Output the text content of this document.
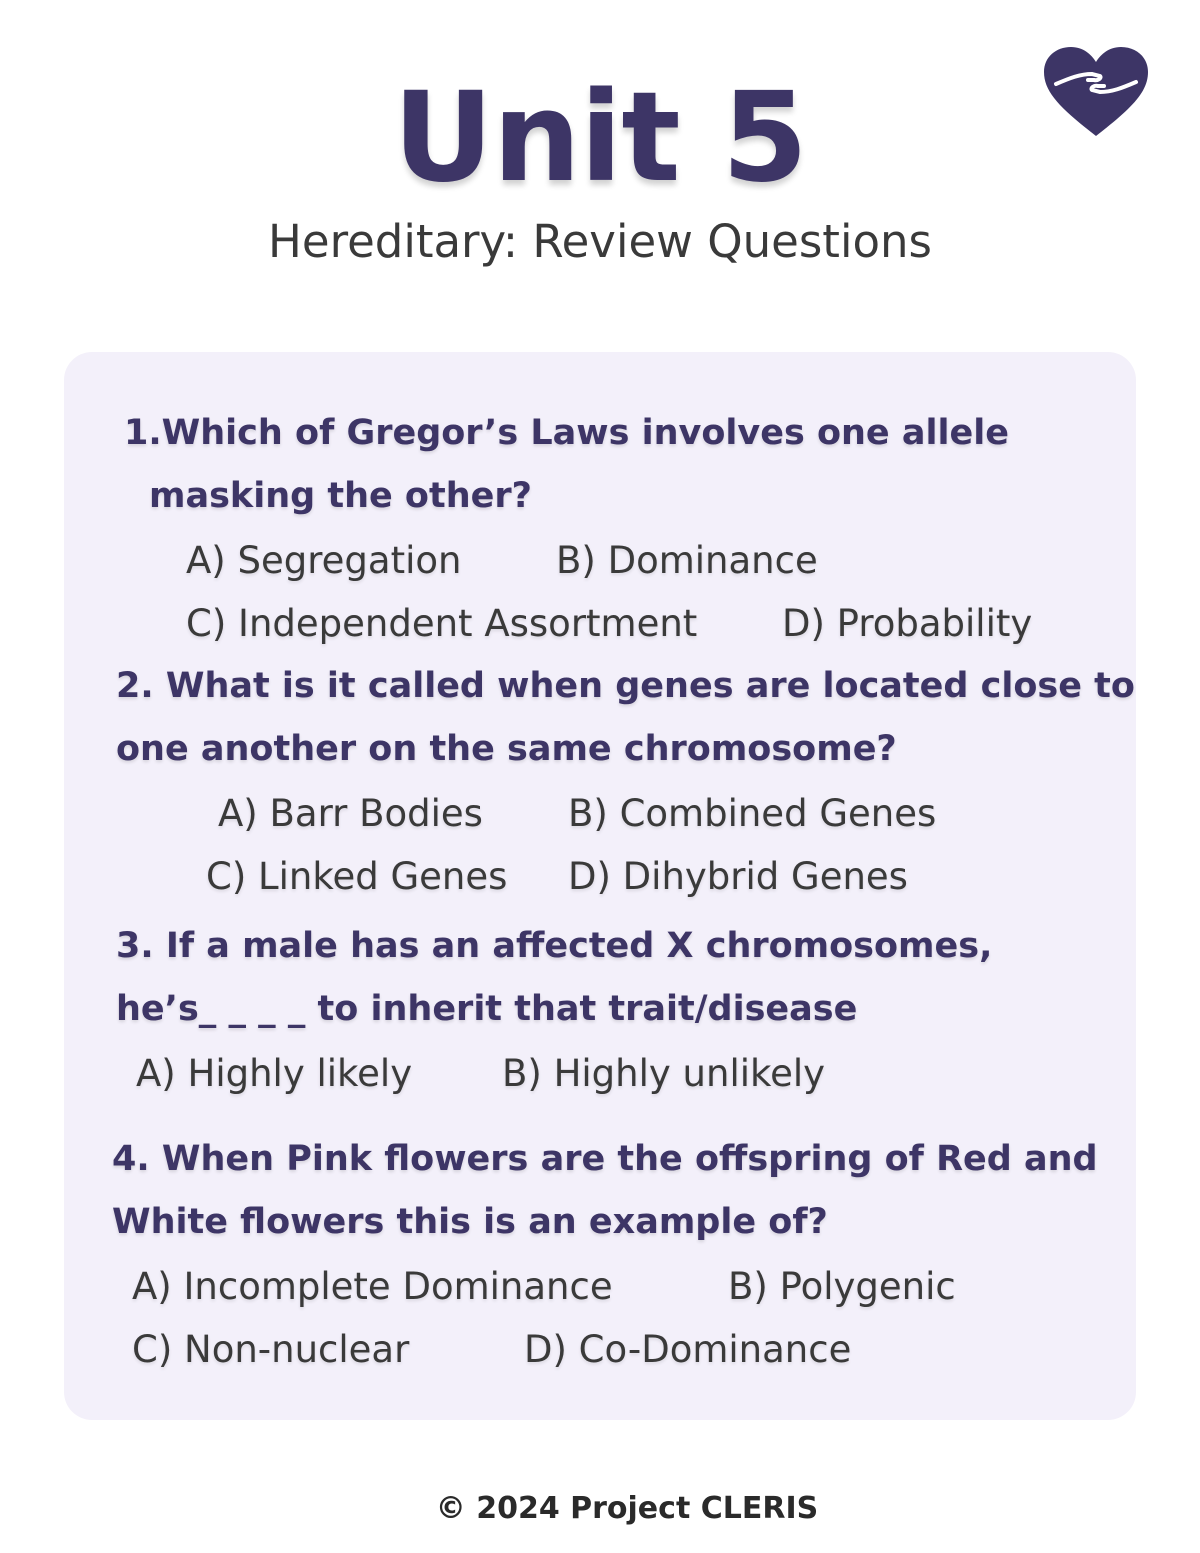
Unit 5
Hereditary: Review Questions
1.Which of Gregor’s Laws involves one allele
masking the other?
A) Segregation	B) Dominance
C) Independent Assortment D) Probability
2. What is it called when genes are located close to
one another on the same chromosome?
A) Barr Bodies B) Combined Genes
C) Linked Genes D) Dihybrid Genes
3. If a male has an affected X chromosomes,
he’s_ _ _ _ to inherit that trait/disease
A) Highly likely B) Highly unlikely
4. When Pink flowers are the offspring of Red and
White flowers this is an example of?
A) Incomplete Dominance	B) Polygenic
C) Non-nuclear	D) Co-Dominance
© 2024 Project CLERIS
